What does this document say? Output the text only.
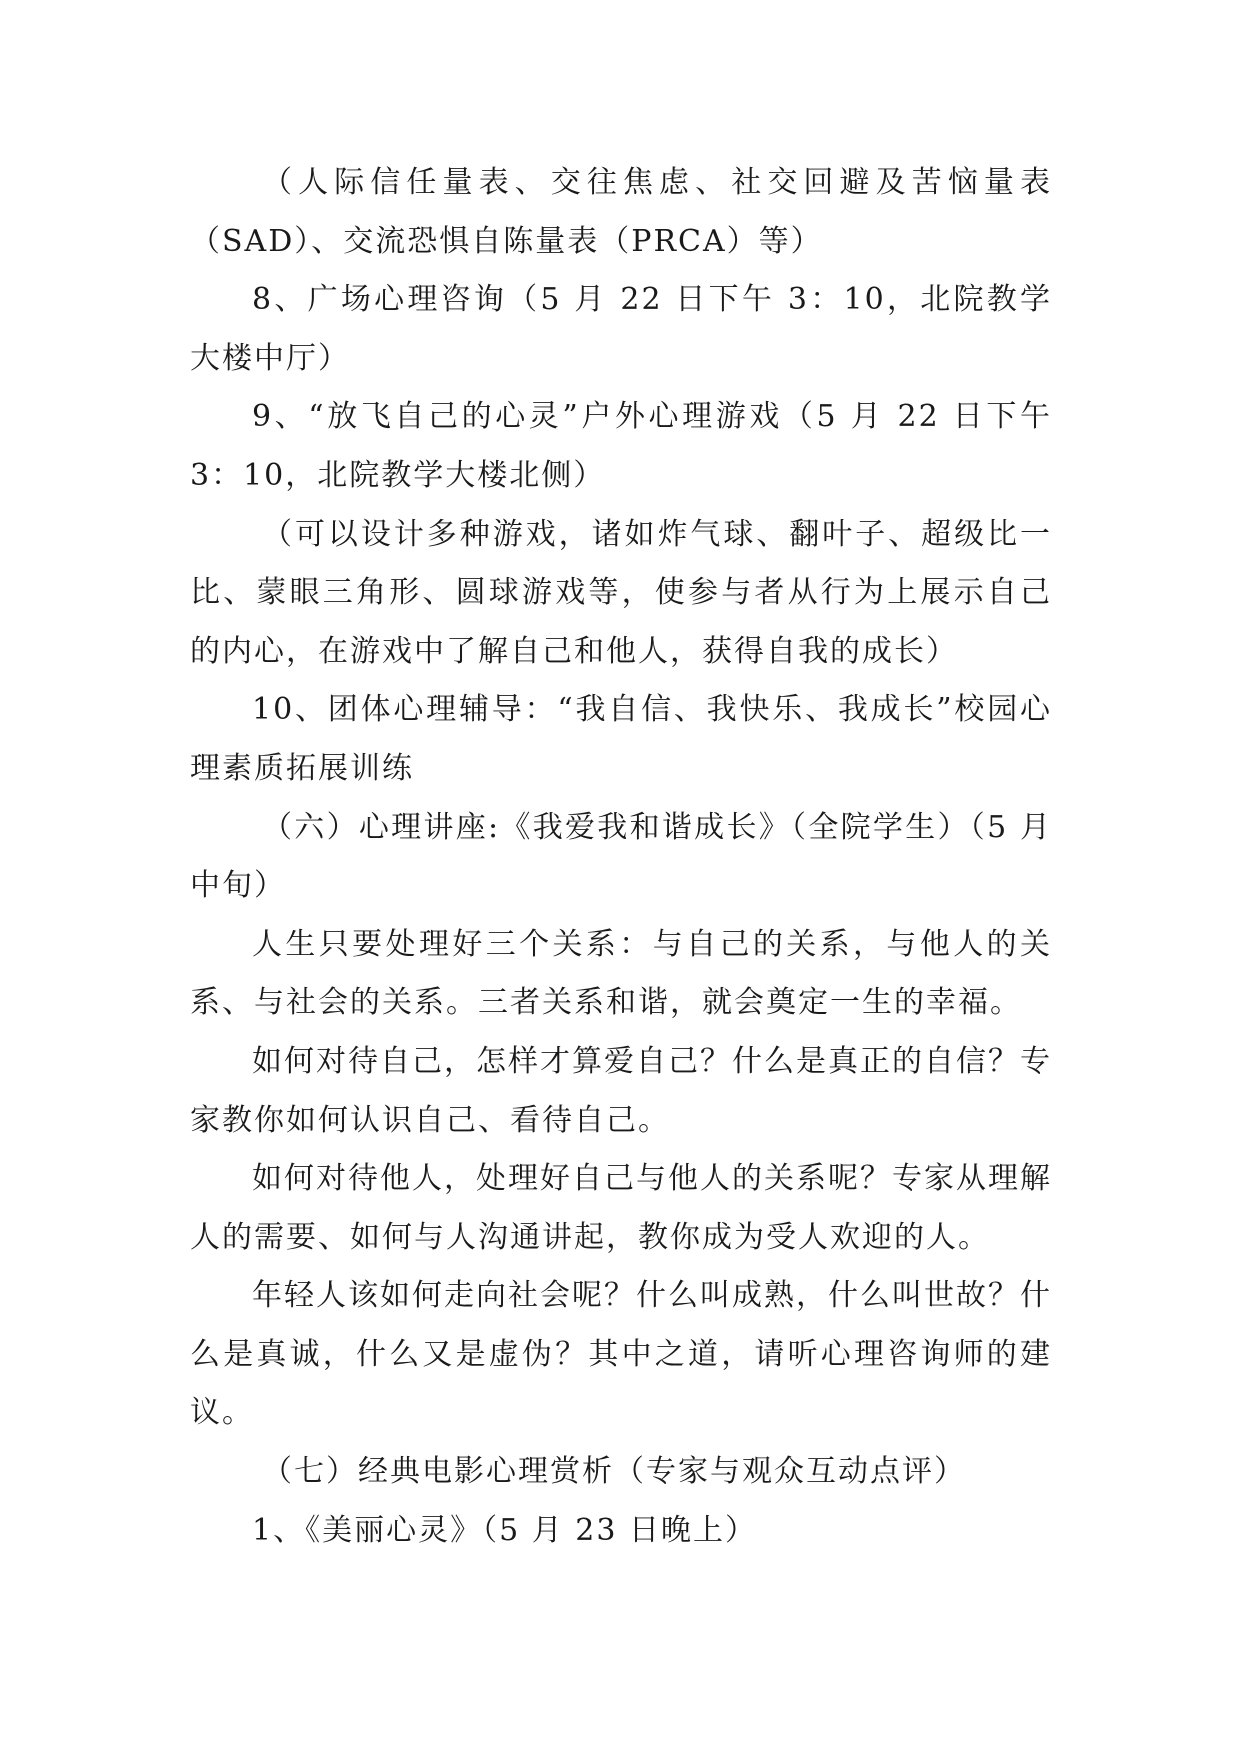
（人际信任量表、交往焦虑、社交回避及苦恼量表（SAD）、交流恐惧自陈量表（PRCA）等）

8、广场心理咨询（5 月 22 日下午 3：10，北院教学大楼中厅）

9、“放飞自己的心灵”户外心理游戏（5 月 22 日下午 3：10，北院教学大楼北侧）

（可以设计多种游戏，诸如炸气球、翻叶子、超级比一比、蒙眼三角形、圆球游戏等，使参与者从行为上展示自己的内心，在游戏中了解自己和他人，获得自我的成长）

10、团体心理辅导：“我自信、我快乐、我成长”校园心理素质拓展训练

（六）心理讲座:《我爱我和谐成长》（全院学生）（5 月中旬）

人生只要处理好三个关系：与自己的关系，与他人的关系、与社会的关系。三者关系和谐，就会奠定一生的幸福。

如何对待自己，怎样才算爱自己？什么是真正的自信？专家教你如何认识自己、看待自己。

如何对待他人，处理好自己与他人的关系呢？专家从理解人的需要、如何与人沟通讲起，教你成为受人欢迎的人。

年轻人该如何走向社会呢？什么叫成熟，什么叫世故？什么是真诚，什么又是虚伪？其中之道，请听心理咨询师的建议。

（七）经典电影心理赏析（专家与观众互动点评）

1、《美丽心灵》（5 月 23 日晚上）
